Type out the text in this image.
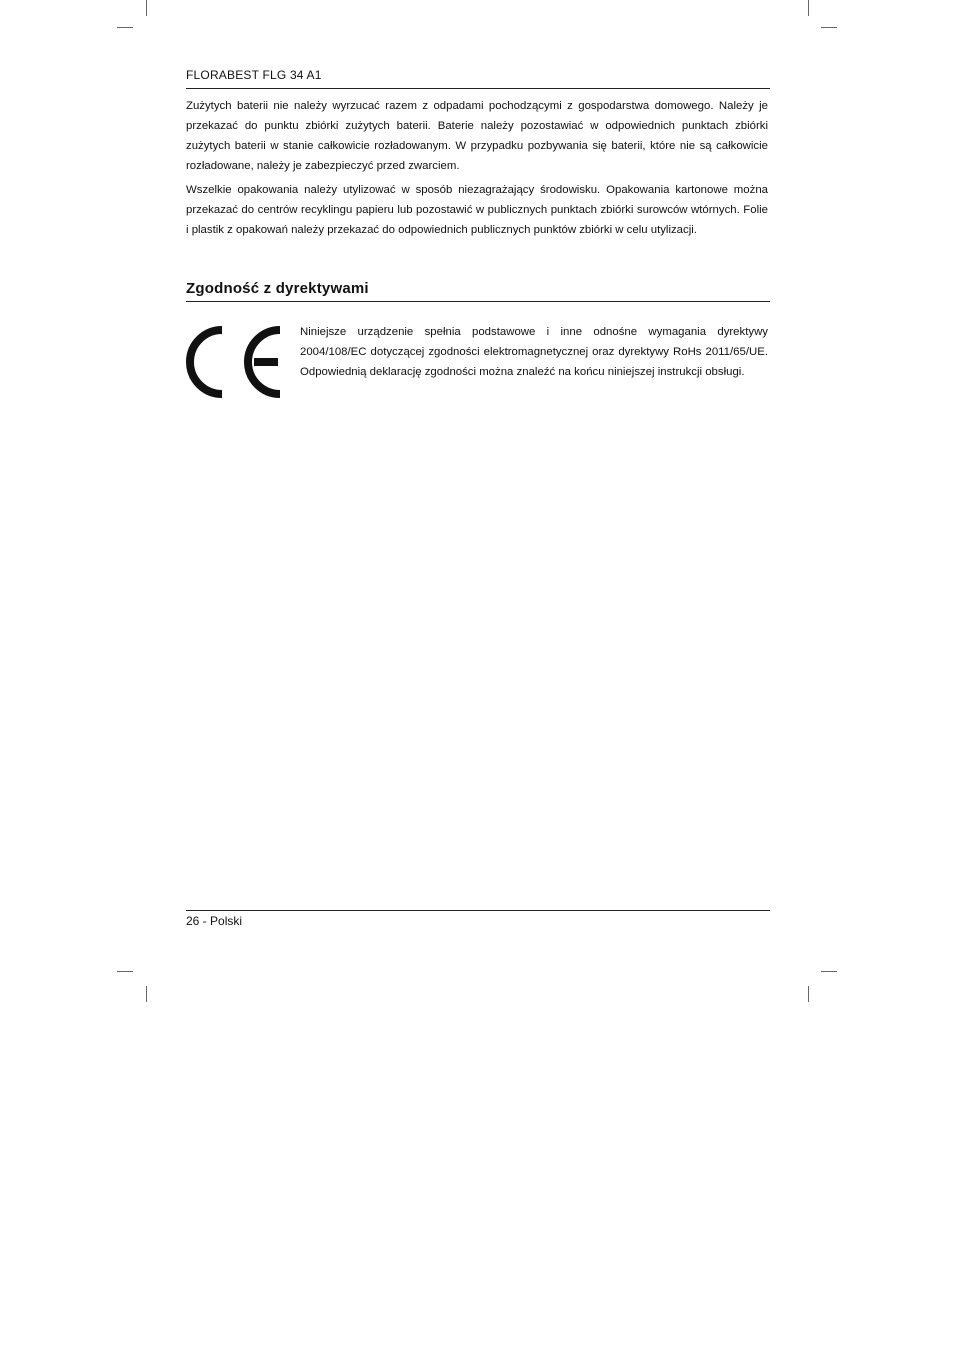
FLORABEST FLG 34 A1

Zużytych baterii nie należy wyrzucać razem z odpadami pochodzącymi z gospodarstwa domowego. Należy je przekazać do punktu zbiórki zużytych baterii. Baterie należy pozostawiać w odpowiednich punktach zbiórki zużytych baterii w stanie całkowicie rozładowanym. W przypadku pozbywania się baterii, które nie są całkowicie rozładowane, należy je zabezpieczyć przed zwarciem.

Wszelkie opakowania należy utylizować w sposób niezagrażający środowisku. Opakowania kartonowe można przekazać do centrów recyklingu papieru lub pozostawić w publicznych punktach zbiórki surowców wtórnych. Folie i plastik z opakowań należy przekazać do odpowiednich publicznych punktów zbiórki w celu utylizacji.

Zgodność z dyrektywami
Niniejsze urządzenie spełnia podstawowe i inne odnośne wymagania dyrektywy 2004/108/EC dotyczącej zgodności elektromagnetycznej oraz dyrektywy RoHs 2011/65/UE. Odpowiednią deklarację zgodności można znaleźć na końcu niniejszej instrukcji obsługi.
26 - Polski
